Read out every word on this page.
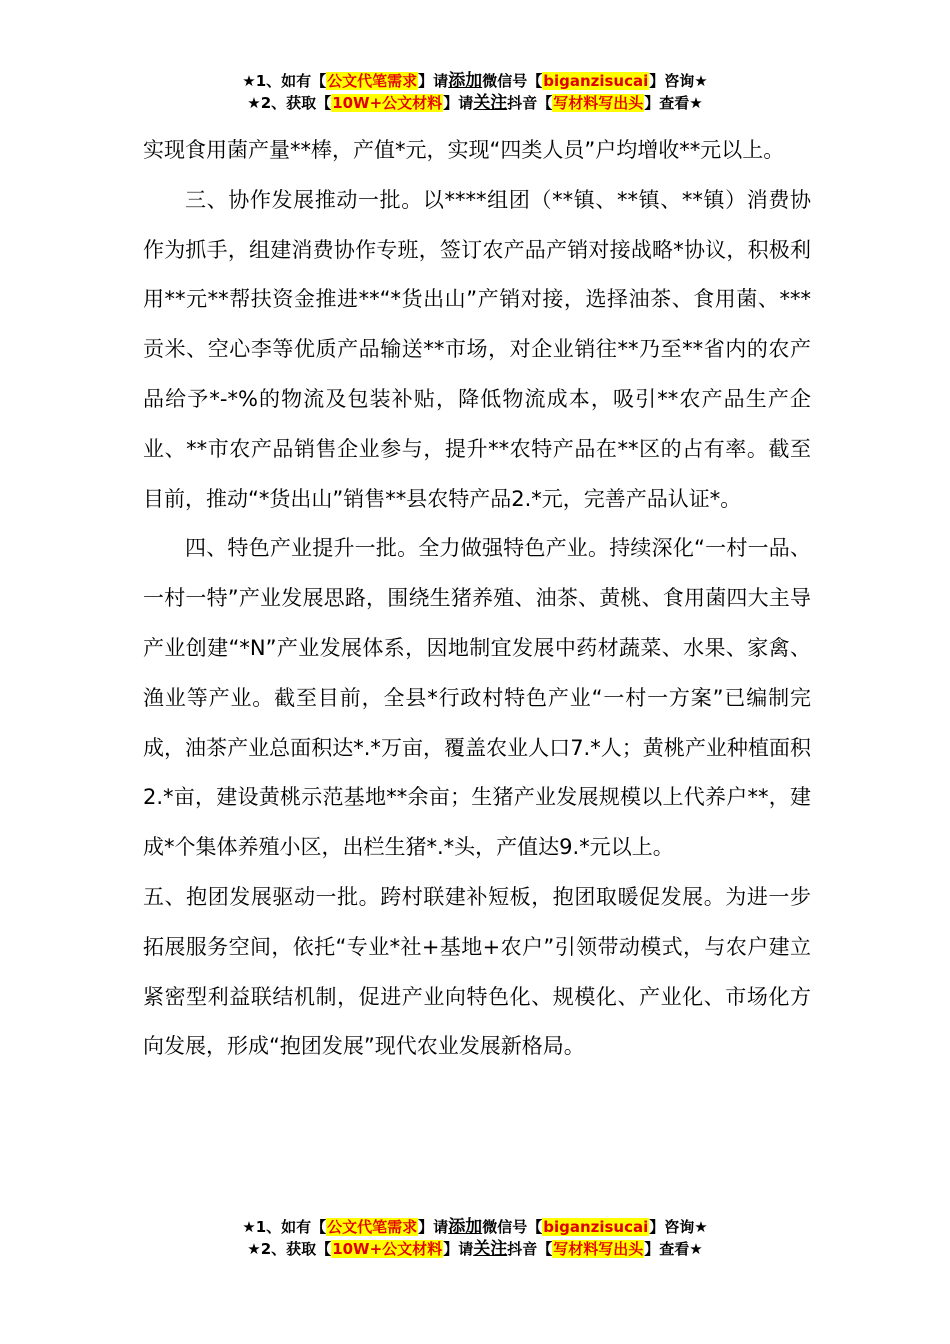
★1、如有【公文代笔需求】请添加微信号【biganzisucai】咨询★
★2、获取【10W+公文材料】请关注抖音【写材料写出头】查看★

实现食用菌产量**棒，产值*元，实现“四类人员”户均增收**元以上。

三、协作发展推动一批。以****组团（**镇、**镇、**镇）消费协作为抓手，组建消费协作专班，签订农产品产销对接战略*协议，积极利用**元**帮扶资金推进**“*货出山”产销对接，选择油茶、食用菌、***贡米、空心李等优质产品输送**市场，对企业销往**乃至**省内的农产品给予*-*%的物流及包装补贴，降低物流成本，吸引**农产品生产企业、**市农产品销售企业参与，提升**农特产品在**区的占有率。截至目前，推动“*货出山”销售**县农特产品2.*元，完善产品认证*。

四、特色产业提升一批。全力做强特色产业。持续深化“一村一品、一村一特”产业发展思路，围绕生猪养殖、油茶、黄桃、食用菌四大主导产业创建“*N”产业发展体系，因地制宜发展中药材蔬菜、水果、家禽、渔业等产业。截至目前，全县*行政村特色产业“一村一方案”已编制完成，油茶产业总面积达*.*万亩，覆盖农业人口7.*人；黄桃产业种植面积2.*亩，建设黄桃示范基地**余亩；生猪产业发展规模以上代养户**，建成*个集体养殖小区，出栏生猪*.*头，产值达9.*元以上。

五、抱团发展驱动一批。跨村联建补短板，抱团取暖促发展。为进一步拓展服务空间，依托“专业*社+基地+农户”引领带动模式，与农户建立紧密型利益联结机制，促进产业向特色化、规模化、产业化、市场化方向发展，形成“抱团发展”现代农业发展新格局。

★1、如有【公文代笔需求】请添加微信号【biganzisucai】咨询★
★2、获取【10W+公文材料】请关注抖音【写材料写出头】查看★
